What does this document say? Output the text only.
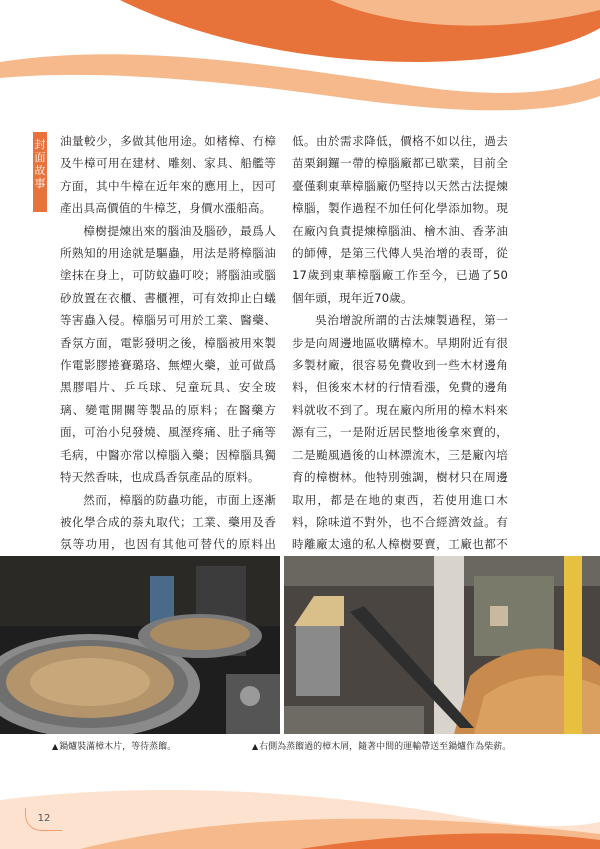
封
面
故
事

油量較少，多做其他用途。如楮樟、冇樟及牛樟可用在建材、雕刻、家具、船艦等方面，其中牛樟在近年來的應用上，因可產出具高價值的牛樟芝，身價水漲船高。

樟樹提煉出來的腦油及腦砂，最爲人所熟知的用途就是驅蟲，用法是將樟腦油塗抹在身上，可防蚊蟲叮咬；將腦油或腦砂放置在衣櫃、書櫃裡，可有效抑止白蟻等害蟲入侵。樟腦另可用於工業、醫藥、香氛方面，電影發明之後，樟腦被用來製作電影膠捲賽璐珞、無煙火藥，並可做爲黑膠唱片、乒乓球、兒童玩具、安全玻璃、變電開關等製品的原料；在醫藥方面，可治小兒發燒、風溼疼痛、肚子痛等毛病，中醫亦常以樟腦入藥；因樟腦具獨特天然香味，也成爲香氛產品的原料。

然而，樟腦的防蟲功能，市面上逐漸被化學合成的萘丸取代；工業、藥用及香氛等功用，也因有其他可替代的原料出

低。由於需求降低，價格不如以往，過去苗栗銅鑼一帶的樟腦廠都已歇業，目前全臺僅剩東華樟腦廠仍堅持以天然古法提煉樟腦，製作過程不加任何化學添加物。現在廠內負責提煉樟腦油、檜木油、香茅油的師傅，是第三代傳人吳治增的表哥，從17歲到東華樟腦廠工作至今，已過了50個年頭，現年近70歲。

吳治增說所謂的古法煉製過程，第一步是向周邊地區收購樟木。早期附近有很多製材廠，很容易免費收到一些木材邊角料，但後來木材的行情看漲，免費的邊角料就收不到了。現在廠內所用的樟木料來源有三，一是附近居民整地後拿來賣的，二是颱風過後的山林漂流木，三是廠內培育的樟樹林。他特別強調，樹材只在周邊取用，都是在地的東西，若使用進口木料，除味道不對外，也不合經濟效益。有時離廠太遠的私人樟樹要賣，工廠也都不

▲鍋爐裝滿樟木片，等待蒸餾。	▲右側為蒸餾過的樟木屑，隨著中間的運輸帶送至鍋爐作為柴薪。
12
